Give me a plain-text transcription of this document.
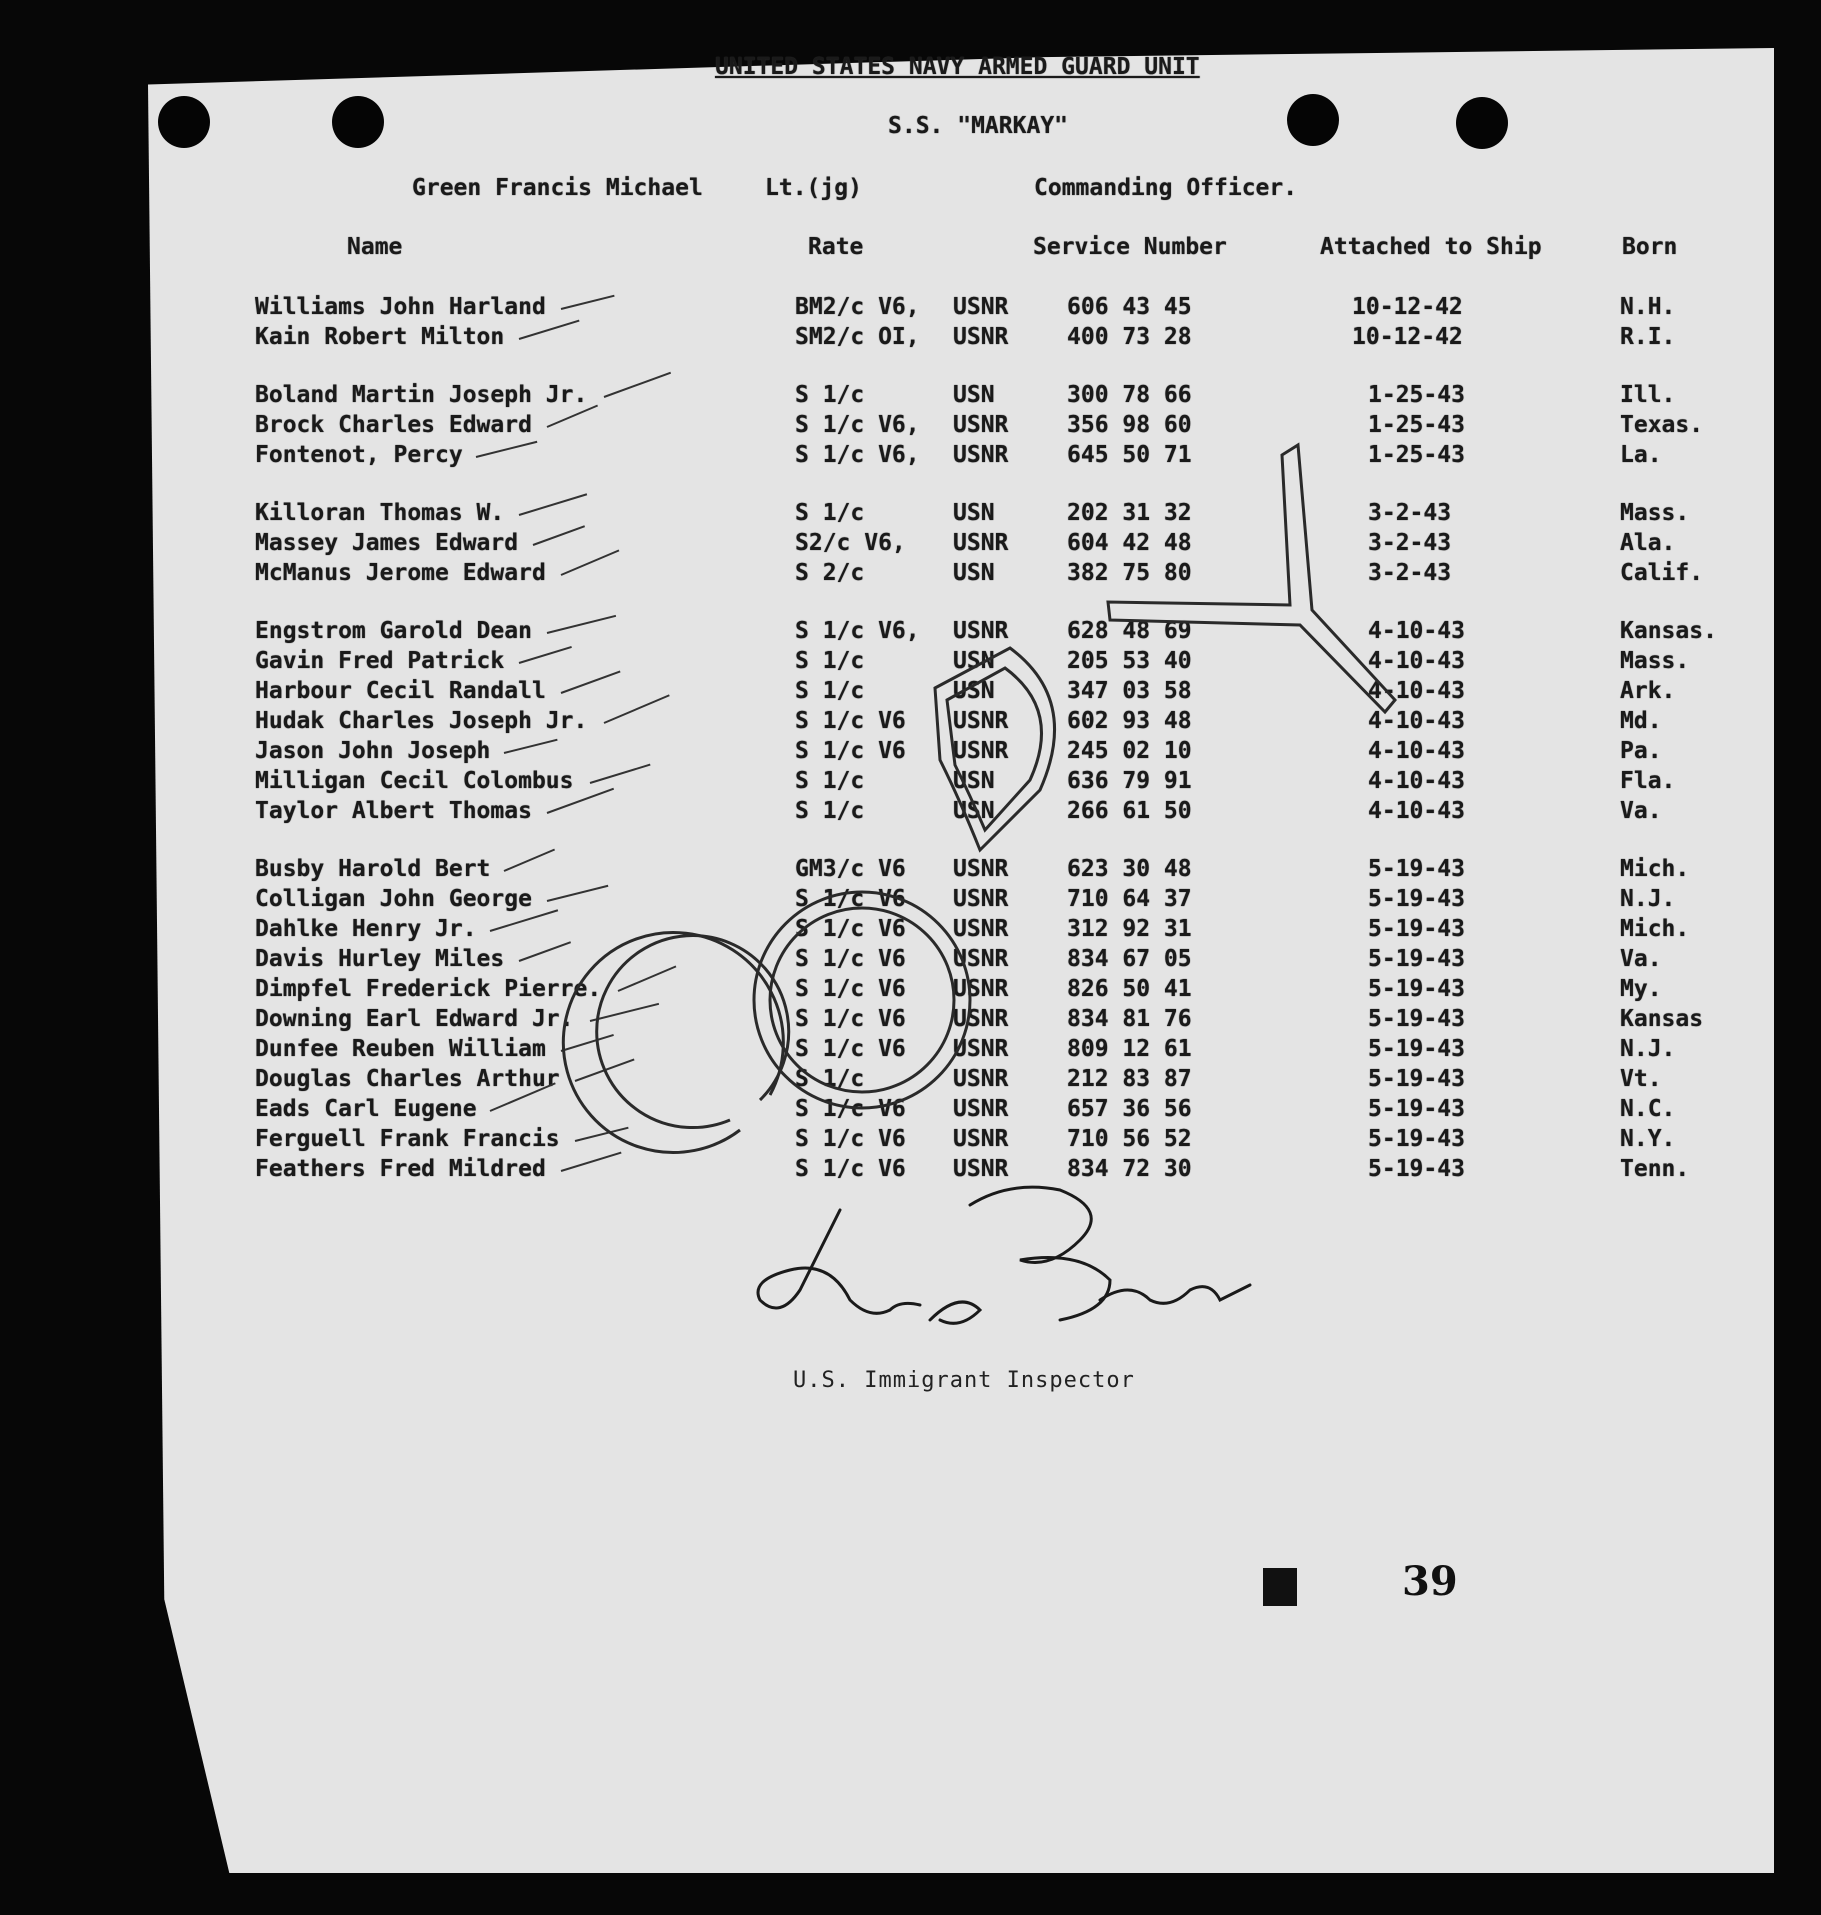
UNITED STATES NAVY ARMED GUARD UNIT
S.S. "MARKAY"
Green Francis Michael	Lt.(jg)	Commanding Officer.
Name	Rate	Service Number	Attached to Ship	Born
Williams John Harland	BM2/c V6, USNR	606 43 45	10-12-42	N.H.
Kain Robert Milton	SM2/c OI, USNR	400 73 28	10-12-42	R.I.
Boland Martin Joseph Jr.	S 1/c	USN	300 78 66	1-25-43	Ill.
Brock Charles Edward	S 1/c V6, USNR	356 98 60	1-25-43	Texas.
Fontenot, Percy	S 1/c V6, USNR	645 50 71	1-25-43	La.
Killoran Thomas W.	S 1/c	USN	202 31 32	3-2-43	Mass.
Massey James Edward	S2/c V6, USNR	604 42 48	3-2-43	Ala.
McManus Jerome Edward	S 2/c	USN	382 75 80	3-2-43	Calif.
Engstrom Garold Dean	S 1/c V6, USNR	628 48 69	4-10-43	Kansas.
Gavin Fred Patrick	S 1/c	USN	205 53 40	4-10-43	Mass.
Harbour Cecil Randall	S 1/c	USN	347 03 58	4-10-43	Ark.
Hudak Charles Joseph Jr.	S 1/c V6 USNR	602 93 48	4-10-43	Md.
Jason John Joseph	S 1/c V6 USNR	245 02 10	4-10-43	Pa.
Milligan Cecil Colombus	S 1/c	USN	636 79 91	4-10-43	Fla.
Taylor Albert Thomas	S 1/c	USN	266 61 50	4-10-43	Va.
Busby Harold Bert	GM3/c V6 USNR	623 30 48	5-19-43	Mich.
Colligan John George	S 1/c V6 USNR	710 64 37	5-19-43	N.J.
Dahlke Henry Jr.	S 1/c V6 USNR	312 92 31	5-19-43	Mich.
Davis Hurley Miles	S 1/c V6 USNR	834 67 05	5-19-43	Va.
Dimpfel Frederick Pierre.	S 1/c V6 USNR	826 50 41	5-19-43	My.
Downing Earl Edward Jr.	S 1/c V6 USNR	834 81 76	5-19-43	Kansas
Dunfee Reuben William	S 1/c V6 USNR	809 12 61	5-19-43	N.J.
Douglas Charles Arthur	S 1/c	USNR	212 83 87	5-19-43	Vt.
Eads Carl Eugene	S 1/c V6 USNR	657 36 56	5-19-43	N.C.
Ferguell Frank Francis	S 1/c V6 USNR	710 56 52	5-19-43	N.Y.
Feathers Fred Mildred	S 1/c V6 USNR	834 72 30	5-19-43	Tenn.
U.S. Immigrant Inspector
39
